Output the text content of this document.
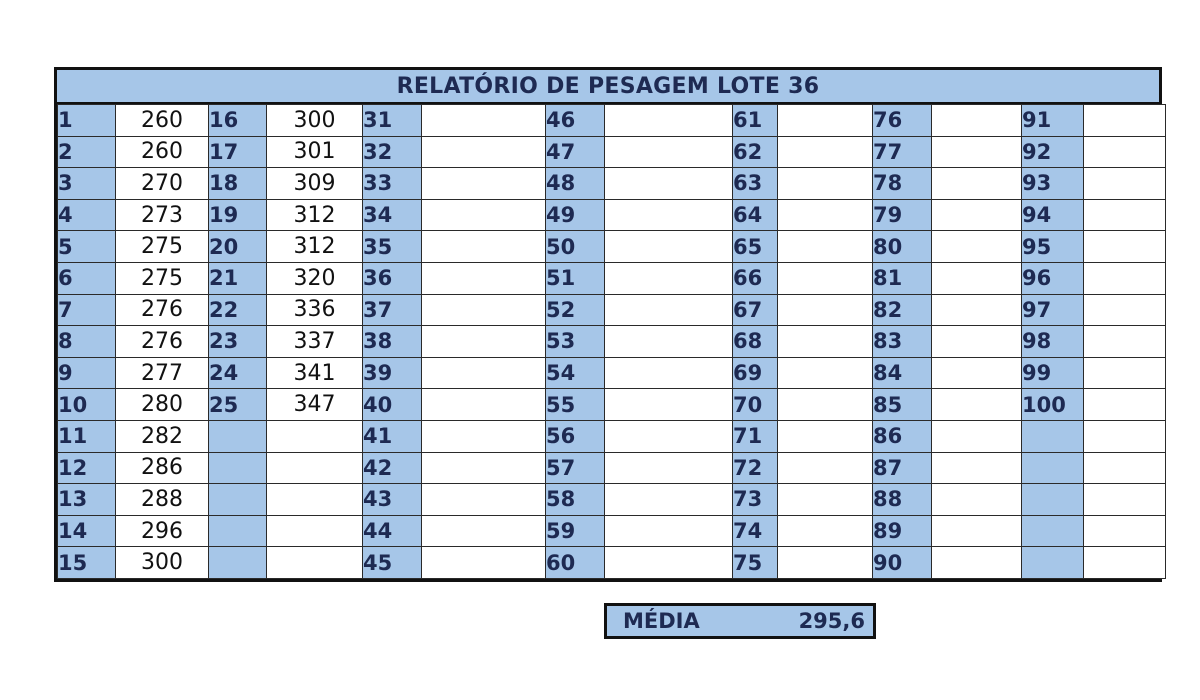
RELATÓRIO DE PESAGEM LOTE 36
1	260	16	300	31		46		61		76		91	
2	260	17	301	32		47		62		77		92	
3	270	18	309	33		48		63		78		93	
4	273	19	312	34		49		64		79		94	
5	275	20	312	35		50		65		80		95	
6	275	21	320	36		51		66		81		96	
7	276	22	336	37		52		67		82		97	
8	276	23	337	38		53		68		83		98	
9	277	24	341	39		54		69		84		99	
10	280	25	347	40		55		70		85		100	
11	282			41		56		71		86			
12	286			42		57		72		87			
13	288			43		58		73		88			
14	296			44		59		74		89			
15	300			45		60		75		90			
MÉDIA	295,6
